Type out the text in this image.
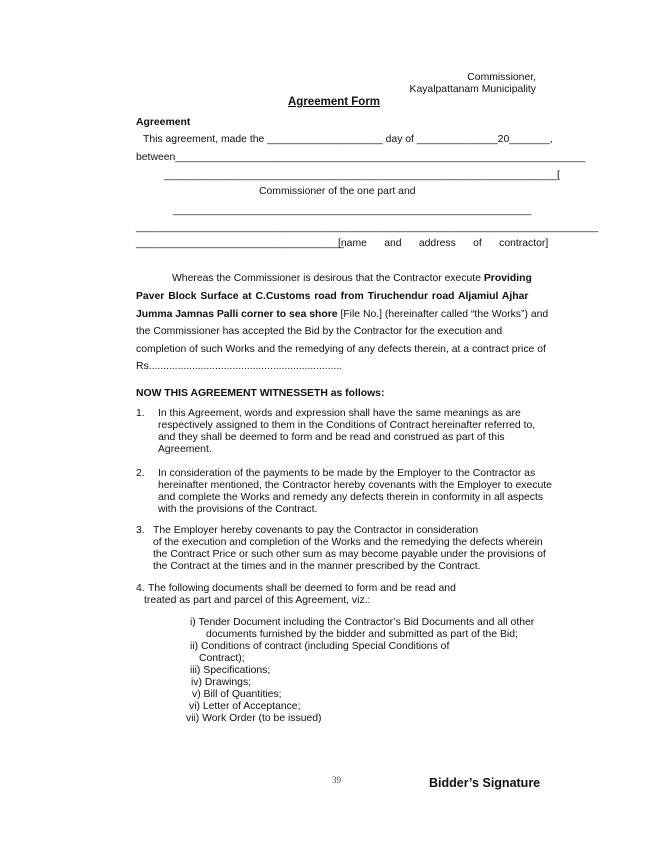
Commissioner,
Kayalpattanam Municipality
Agreement Form
Agreement
This agreement, made the ____________________ day of ______________20_______,
between_______________________________________________________________________
____________________________________________________________________[
Commissioner of the one part and
______________________________________________________________
________________________________________________________________________________
____________________________________
[name      and      address      of      contractor]
Whereas the Commissioner is desirous that the Contractor execute Providing
Paver Block Surface at C.Customs road from Tiruchendur road Aljamiul Ajhar
Jumma Jamnas Palli corner to sea shore [File No.] (hereinafter called “the Works”) and
the Commissioner has accepted the Bid by the Contractor for the execution and
completion of such Works and the remedying of any defects therein, at a contract price of
Rs...................................................................
NOW THIS AGREEMENT WITNESSETH as follows:
1. In this Agreement, words and expression shall have the same meanings as are
respectively assigned to them in the Conditions of Contract hereinafter referred to,
and they shall be deemed to form and be read and construed as part of this
Agreement.
2. In consideration of the payments to be made by the Employer to the Contractor as
hereinafter mentioned, the Contractor hereby covenants with the Employer to execute
and complete the Works and remedy any defects therein in conformity in all aspects
with the provisions of the Contract.
3. The Employer hereby covenants to pay the Contractor in consideration
of the execution and completion of the Works and the remedying the defects wherein
the Contract Price or such other sum as may become payable under the provisions of
the Contract at the times and in the manner prescribed by the Contract.
4. The following documents shall be deemed to form and be read and
treated as part and parcel of this Agreement, viz.:
i) Tender Document including the Contractor’s Bid Documents and all other
documents furnished by the bidder and submitted as part of the Bid;
ii) Conditions of contract (including Special Conditions of
Contract);
iii) Specifications;
iv) Drawings;
v) Bill of Quantities;
vi) Letter of Acceptance;
vii) Work Order (to be issued)
39	Bidder’s Signature
